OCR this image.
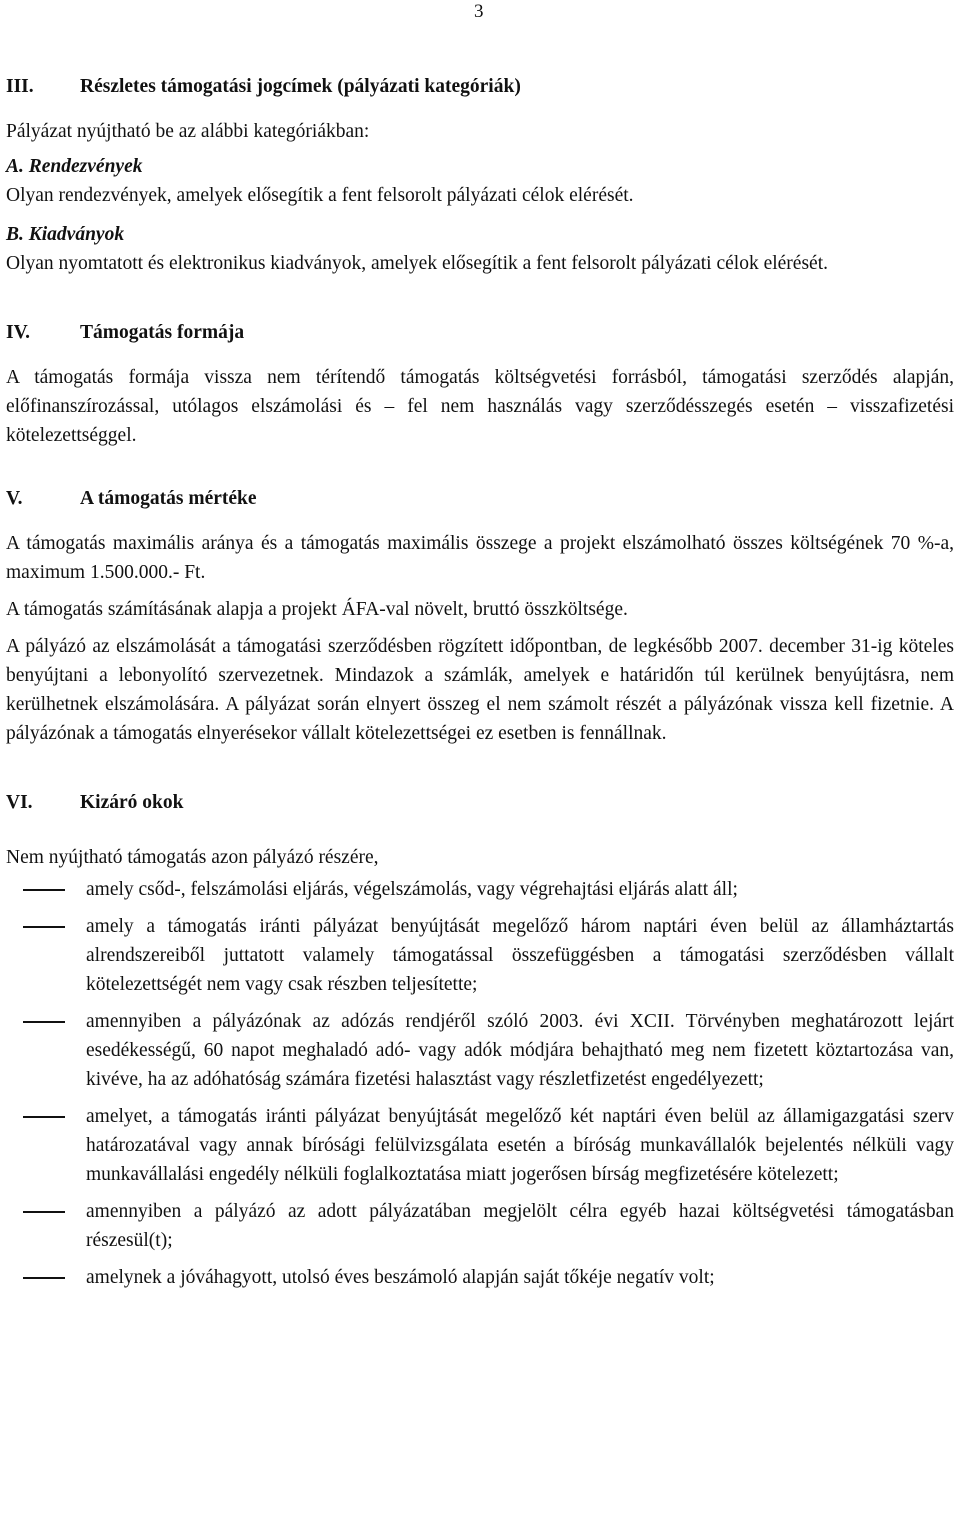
3
III.	Részletes támogatási jogcímek (pályázati kategóriák)

Pályázat nyújtható be az alábbi kategóriákban:

A. Rendezvények

Olyan rendezvények, amelyek elősegítik a fent felsorolt pályázati célok elérését.

B. Kiadványok

Olyan nyomtatott és elektronikus kiadványok, amelyek elősegítik a fent felsorolt pályázati célok elérését.

IV.	Támogatás formája

A támogatás formája vissza nem térítendő támogatás költségvetési forrásból, támogatási szerződés alapján, előfinanszírozással, utólagos elszámolási és – fel nem használás vagy szerződésszegés esetén – visszafizetési kötelezettséggel.

V.	A támogatás mértéke

A támogatás maximális aránya és a támogatás maximális összege a projekt elszámolható összes költségének 70 %-a, maximum 1.500.000.- Ft.

A támogatás számításának alapja a projekt ÁFA-val növelt, bruttó összköltsége.

A pályázó az elszámolását a támogatási szerződésben rögzített időpontban, de legkésőbb 2007. december 31-ig köteles benyújtani a lebonyolító szervezetnek. Mindazok a számlák, amelyek e határidőn túl kerülnek benyújtásra, nem kerülhetnek elszámolására. A pályázat során elnyert összeg el nem számolt részét a pályázónak vissza kell fizetnie. A pályázónak a támogatás elnyerésekor vállalt kötelezettségei ez esetben is fennállnak.

VI.	Kizáró okok

Nem nyújtható támogatás azon pályázó részére,

amely csőd-, felszámolási eljárás, végelszámolás, vagy végrehajtási eljárás alatt áll;
amely a támogatás iránti pályázat benyújtását megelőző három naptári éven belül az államháztartás alrendszereiből juttatott valamely támogatással összefüggésben a támogatási szerződésben vállalt kötelezettségét nem vagy csak részben teljesítette;
amennyiben a pályázónak az adózás rendjéről szóló 2003. évi XCII. Törvényben meghatározott lejárt esedékességű, 60 napot meghaladó adó- vagy adók módjára behajtható meg nem fizetett köztartozása van, kivéve, ha az adóhatóság számára fizetési halasztást vagy részletfizetést engedélyezett;
amelyet, a támogatás iránti pályázat benyújtását megelőző két naptári éven belül az államigazgatási szerv határozatával vagy annak bírósági felülvizsgálata esetén a bíróság munkavállalók bejelentés nélküli vagy munkavállalási engedély nélküli foglalkoztatása miatt jogerősen bírság megfizetésére kötelezett;
amennyiben a pályázó az adott pályázatában megjelölt célra egyéb hazai költségvetési támogatásban részesül(t);
amelynek a jóváhagyott, utolsó éves beszámoló alapján saját tőkéje negatív volt;
